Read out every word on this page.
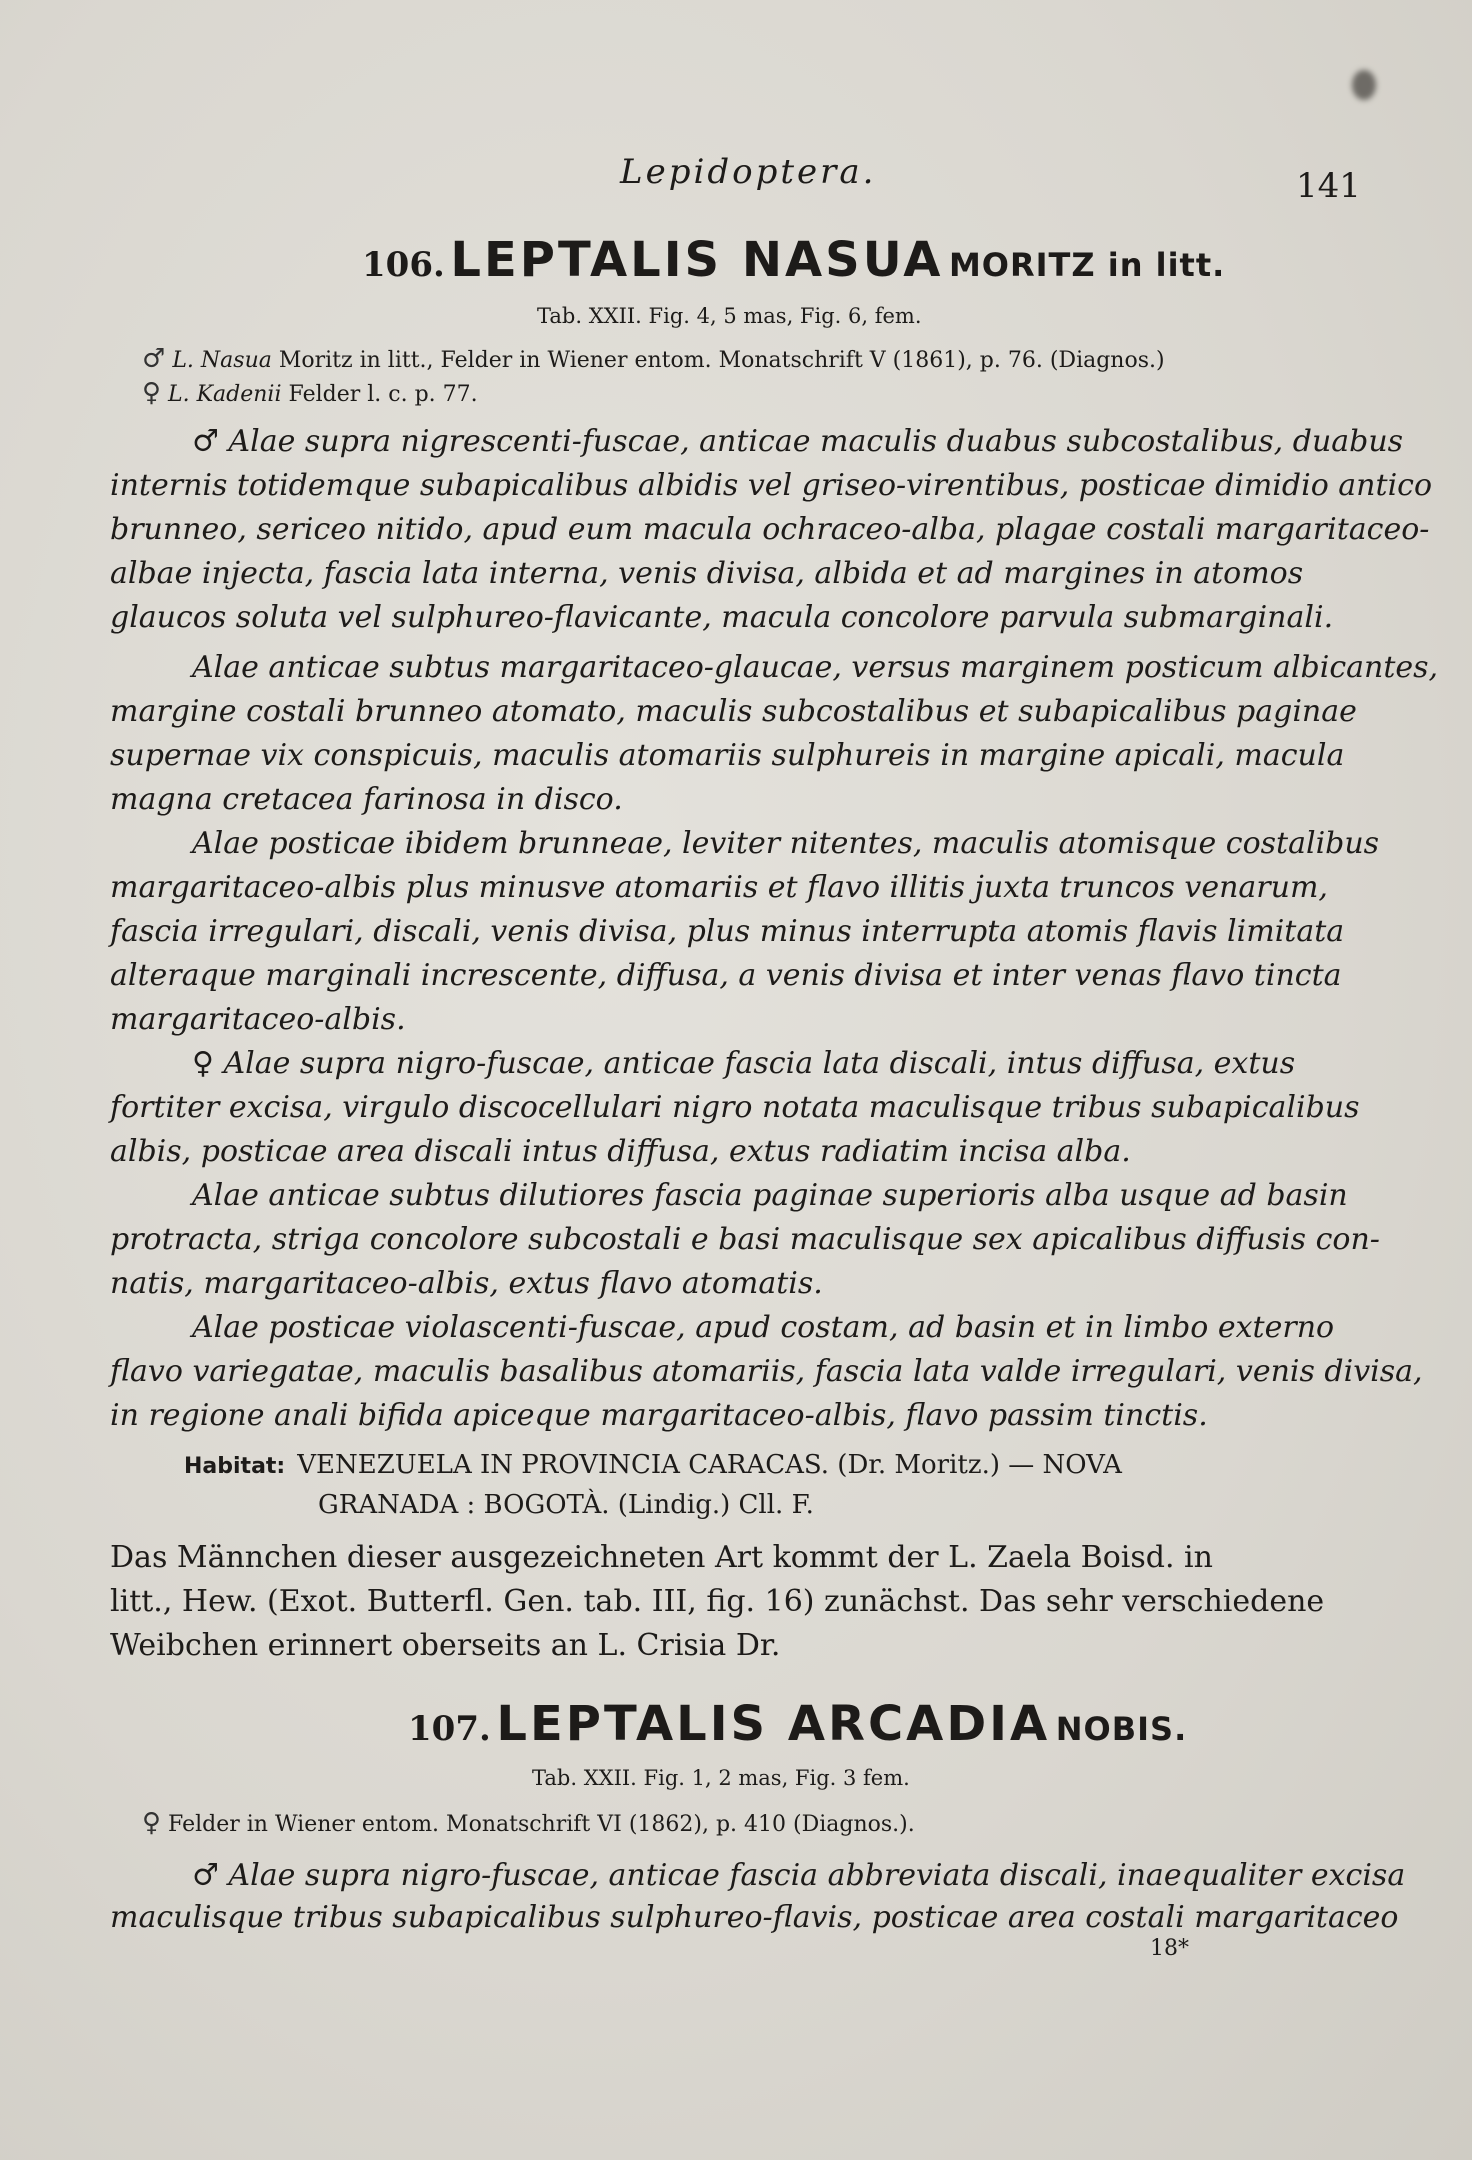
Lepidoptera.	141
106. LEPTALIS NASUA MORITZ in litt.
Tab. XXII. Fig. 4, 5 mas, Fig. 6, fem.
♂ L. Nasua Moritz in litt., Felder in Wiener entom. Monatschrift V (1861), p. 76. (Diagnos.)
♀ L. Kadenii Felder l. c. p. 77.
♂ Alae supra nigrescenti-fuscae, anticae maculis duabus subcostalibus, duabus
internis totidemque subapicalibus albidis vel griseo-virentibus, posticae dimidio antico
brunneo, sericeo nitido, apud eum macula ochraceo-alba, plagae costali margaritaceo-
albae injecta, fascia lata interna, venis divisa, albida et ad margines in atomos
glaucos soluta vel sulphureo-flavicante, macula concolore parvula submarginali.
Alae anticae subtus margaritaceo-glaucae, versus marginem posticum albicantes,
margine costali brunneo atomato, maculis subcostalibus et subapicalibus paginae
supernae vix conspicuis, maculis atomariis sulphureis in margine apicali, macula
magna cretacea farinosa in disco.
Alae posticae ibidem brunneae, leviter nitentes, maculis atomisque costalibus
margaritaceo-albis plus minusve atomariis et flavo illitis juxta truncos venarum,
fascia irregulari, discali, venis divisa, plus minus interrupta atomis flavis limitata
alteraque marginali increscente, diffusa, a venis divisa et inter venas flavo tincta
margaritaceo-albis.
♀ Alae supra nigro-fuscae, anticae fascia lata discali, intus diffusa, extus
fortiter excisa, virgulo discocellulari nigro notata maculisque tribus subapicalibus
albis, posticae area discali intus diffusa, extus radiatim incisa alba.
Alae anticae subtus dilutiores fascia paginae superioris alba usque ad basin
protracta, striga concolore subcostali e basi maculisque sex apicalibus diffusis con-
natis, margaritaceo-albis, extus flavo atomatis.
Alae posticae violascenti-fuscae, apud costam, ad basin et in limbo externo
flavo variegatae, maculis basalibus atomariis, fascia lata valde irregulari, venis divisa,
in regione anali bifida apiceque margaritaceo-albis, flavo passim tinctis.
Habitat: VENEZUELA IN PROVINCIA CARACAS. (Dr. Moritz.) — NOVA
GRANADA : BOGOTÀ. (Lindig.) Cll. F.
Das Männchen dieser ausgezeichneten Art kommt der L. Zaela Boisd. in
litt., Hew. (Exot. Butterfl. Gen. tab. III, fig. 16) zunächst. Das sehr verschiedene
Weibchen erinnert oberseits an L. Crisia Dr.
107. LEPTALIS ARCADIA NOBIS.
Tab. XXII. Fig. 1, 2 mas, Fig. 3 fem.
♀ Felder in Wiener entom. Monatschrift VI (1862), p. 410 (Diagnos.).
♂ Alae supra nigro-fuscae, anticae fascia abbreviata discali, inaequaliter excisa
maculisque tribus subapicalibus sulphureo-flavis, posticae area costali margaritaceo
18*
